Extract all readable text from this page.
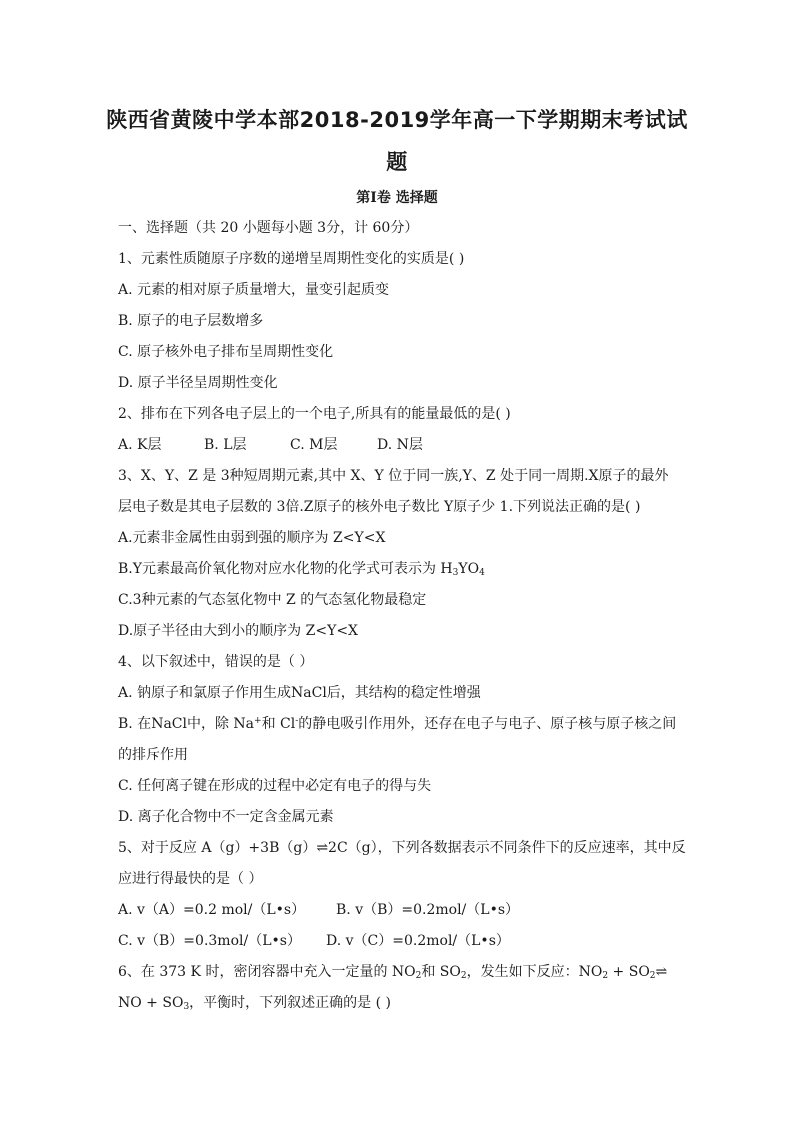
陕西省黄陵中学本部2018-2019学年高一下学期期末考试试
题
第Ⅰ卷 选择题
一、选择题（共 20 小题每小题 3分，计 60分）
1、元素性质随原子序数的递增呈周期性变化的实质是( )
A. 元素的相对原子质量增大，量变引起质变
B. 原子的电子层数增多
C. 原子核外电子排布呈周期性变化
D. 原子半径呈周期性变化
2、排布在下列各电子层上的一个电子,所具有的能量最低的是( )
A. K层	B. L层	C. M层	D. N层
3、X、Y、Z 是 3种短周期元素,其中 X、Y 位于同一族,Y、Z 处于同一周期.X原子的最外
层电子数是其电子层数的 3倍.Z原子的核外电子数比 Y原子少 1.下列说法正确的是( )
A.元素非金属性由弱到强的顺序为 Z<Y<X
B.Y元素最高价氧化物对应水化物的化学式可表示为 $H_3YO_4$
C.3种元素的气态氢化物中 Z 的气态氢化物最稳定
D.原子半径由大到小的顺序为 Z<Y<X
4、以下叙述中，错误的是（ ）
A. 钠原子和氯原子作用生成NaCl后，其结构的稳定性增强
B. 在NaCl中，除 Na+和 Cl-的静电吸引作用外，还存在电子与电子、原子核与原子核之间
的排斥作用
C. 任何离子键在形成的过程中必定有电子的得与失
D. 离子化合物中不一定含金属元素
5、对于反应 A（g）+3B（g）⇌2C（g），下列各数据表示不同条件下的反应速率，其中反
应进行得最快的是（ ）
A. v（A）=0.2 mol/（L•s） B. v（B）=0.2mol/（L•s）
C. v（B）=0.3mol/（L•s） D. v（C）=0.2mol/（L•s）
6、在 373 K 时，密闭容器中充入一定量的 $NO_2$和 $SO_2$，发生如下反应：$NO_2$ + $SO_2\rightleftharpoons$
NO + $SO_3$，平衡时，下列叙述正确的是 ( )
